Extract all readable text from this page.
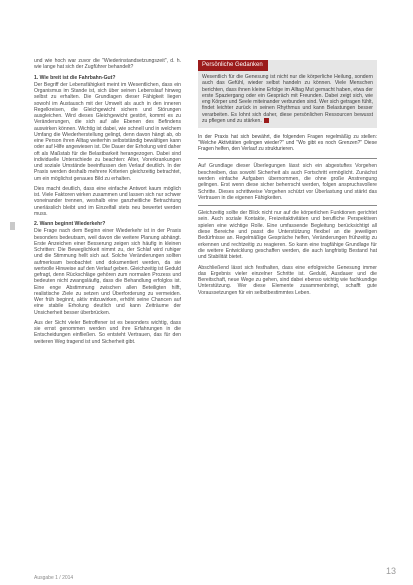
und wie hoch war zuvor die "Wiederinstandsetzungszeit", d. h. wie lange hat sich der Zugführer behandelt?

1. Wie breit ist die Fahrbahn-Gut?

Der Begriff der Lebensfähigkeit meint im Wesentlichen, dass ein Organismus im Stande ist, sich über seinen Lebenslauf hinweg selbst zu erhalten. Die Grundlagen dieser Fähigkeit liegen sowohl im Austausch mit der Umwelt als auch in den inneren Regelkreisen, die Gleichgewicht sichern und Störungen ausgleichen. Wird dieses Gleichgewicht gestört, kommt es zu Veränderungen, die sich auf alle Ebenen des Befindens auswirken können. Wichtig ist dabei, wie schnell und in welchem Umfang die Wiederherstellung gelingt, denn davon hängt ab, ob eine Person ihren Alltag weiterhin selbstständig bewältigen kann oder auf Hilfe angewiesen ist. Die Dauer der Erholung wird daher oft als Maßstab für die Belastbarkeit herangezogen. Dabei sind individuelle Unterschiede zu beachten: Alter, Vorerkrankungen und soziale Umstände beeinflussen den Verlauf deutlich. In der Praxis werden deshalb mehrere Kriterien gleichzeitig betrachtet, um ein möglichst genaues Bild zu erhalten.

Dies macht deutlich, dass eine einfache Antwort kaum möglich ist. Viele Faktoren wirken zusammen und lassen sich nur schwer voneinander trennen, weshalb eine ganzheitliche Betrachtung unerlässlich bleibt und im Einzelfall stets neu bewertet werden muss.

2. Wann beginnt Wiederkehr?

Die Frage nach dem Beginn einer Wiederkehr ist in der Praxis besonders bedeutsam, weil davon die weitere Planung abhängt. Erste Anzeichen einer Besserung zeigen sich häufig in kleinen Schritten: Die Beweglichkeit nimmt zu, der Schlaf wird ruhiger und die Stimmung hellt sich auf. Solche Veränderungen sollten aufmerksam beobachtet und dokumentiert werden, da sie wertvolle Hinweise auf den Verlauf geben. Gleichzeitig ist Geduld gefragt, denn Rückschläge gehören zum normalen Prozess und bedeuten nicht zwangsläufig, dass die Behandlung erfolglos ist. Eine enge Abstimmung zwischen allen Beteiligten hilft, realistische Ziele zu setzen und Überforderung zu vermeiden. Wer früh beginnt, aktiv mitzuwirken, erhöht seine Chancen auf eine stabile Erholung deutlich und kann Zeiträume der Unsicherheit besser überbrücken.

Aus der Sicht vieler Betroffener ist es besonders wichtig, dass sie ernst genommen werden und ihre Erfahrungen in die Entscheidungen einfließen. So entsteht Vertrauen, das für den weiteren Weg tragend ist und Sicherheit gibt.

Persönliche Gedanken

Wesentlich für die Genesung ist nicht nur die körperliche Heilung, sondern auch das Gefühl, wieder selbst handeln zu können. Viele Menschen berichten, dass ihnen kleine Erfolge im Alltag Mut gemacht haben, etwa der erste Spaziergang oder ein Gespräch mit Freunden. Dabei zeigt sich, wie eng Körper und Seele miteinander verbunden sind. Wer sich getragen fühlt, findet leichter zurück in seinen Rhythmus und kann Belastungen besser verarbeiten. Es lohnt sich daher, diese persönlichen Ressourcen bewusst zu pflegen und zu stärken.

In der Praxis hat sich bewährt, die folgenden Fragen regelmäßig zu stellen: "Welche Aktivitäten gelingen wieder?" und "Wo gibt es noch Grenzen?" Diese Fragen helfen, den Verlauf zu strukturieren.

Auf Grundlage dieser Überlegungen lässt sich ein abgestuftes Vorgehen beschreiben, das sowohl Sicherheit als auch Fortschritt ermöglicht. Zunächst werden einfache Aufgaben übernommen, die ohne große Anstrengung gelingen. Erst wenn diese sicher beherrscht werden, folgen anspruchsvollere Schritte. Dieses schrittweise Vorgehen schützt vor Überlastung und stärkt das Vertrauen in die eigenen Fähigkeiten.

Gleichzeitig sollte der Blick nicht nur auf die körperlichen Funktionen gerichtet sein. Auch soziale Kontakte, Freizeitaktivitäten und berufliche Perspektiven spielen eine wichtige Rolle. Eine umfassende Begleitung berücksichtigt all diese Bereiche und passt die Unterstützung flexibel an die jeweiligen Bedürfnisse an. Regelmäßige Gespräche helfen, Veränderungen frühzeitig zu erkennen und rechtzeitig zu reagieren. So kann eine tragfähige Grundlage für die weitere Entwicklung geschaffen werden, die auch langfristig Bestand hat und Stabilität bietet.

Abschließend lässt sich festhalten, dass eine erfolgreiche Genesung immer das Ergebnis vieler einzelner Schritte ist. Geduld, Ausdauer und die Bereitschaft, neue Wege zu gehen, sind dabei ebenso wichtig wie fachkundige Unterstützung. Wer diese Elemente zusammenbringt, schafft gute Voraussetzungen für ein selbstbestimmtes Leben.

Ausgabe 1 / 2014
13
